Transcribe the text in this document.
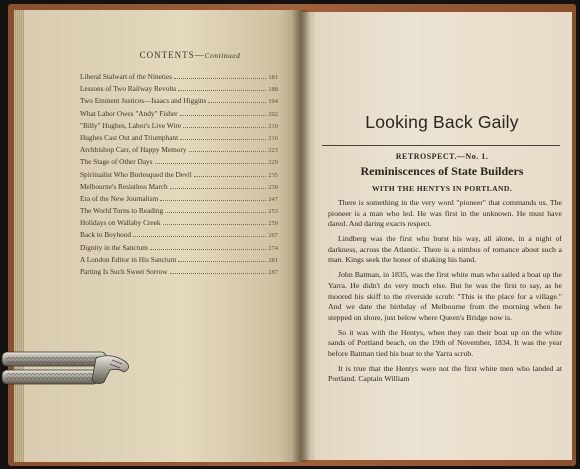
CONTENTS—Continued
Liberal Stalwart of the Nineties	181
Lessons of Two Railway Revolts	188
Two Eminent Justices—Isaacs and Higgins	194
What Labor Owes "Andy" Fisher	202
"Billy" Hughes, Labor's Live Wire	210
Hughes Cast Out and Triumphant	216
Archbishop Carr, of Happy Memory	223
The Stage of Other Days	229
Spiritualist Who Burlesqued the Devil	235
Melbourne's Resistless March	239
Era of the New Journalism	247
The World Turns to Reading	253
Holidays on Wallaby Creek	259
Back to Boyhood	267
Dignity in the Sanctum	274
A London Editor in His Sanctum	281
Parting Is Such Sweet Sorrow	287
Looking Back Gaily
RETROSPECT.—No. 1.
Reminiscences of State Builders
WITH THE HENTYS IN PORTLAND.

There is something in the very word "pioneer" that commands us. The pioneer is a man who led. He was first in the unknown. He must have dared. And daring exacts respect.

Lindberg was the first who burst his way, all alone, in a night of darkness, across the Atlantic. There is a nimbus of romance about such a man. Kings seek the honor of shaking his hand.

John Batman, in 1835, was the first white man who sailed a boat up the Yarra. He didn't do very much else. But he was the first to say, as he moored his skiff to the riverside scrub: "This is the place for a village." And we date the birthday of Melbourne from the morning when he stepped on shore, just below where Queen's Bridge now is.

So it was with the Hentys, when they ran their boat up on the white sands of Portland beach, on the 19th of November, 1834. It was the year before Batman tied his boat to the Yarra scrub.

It is true that the Hentys were not the first white men who landed at Portland. Captain William
